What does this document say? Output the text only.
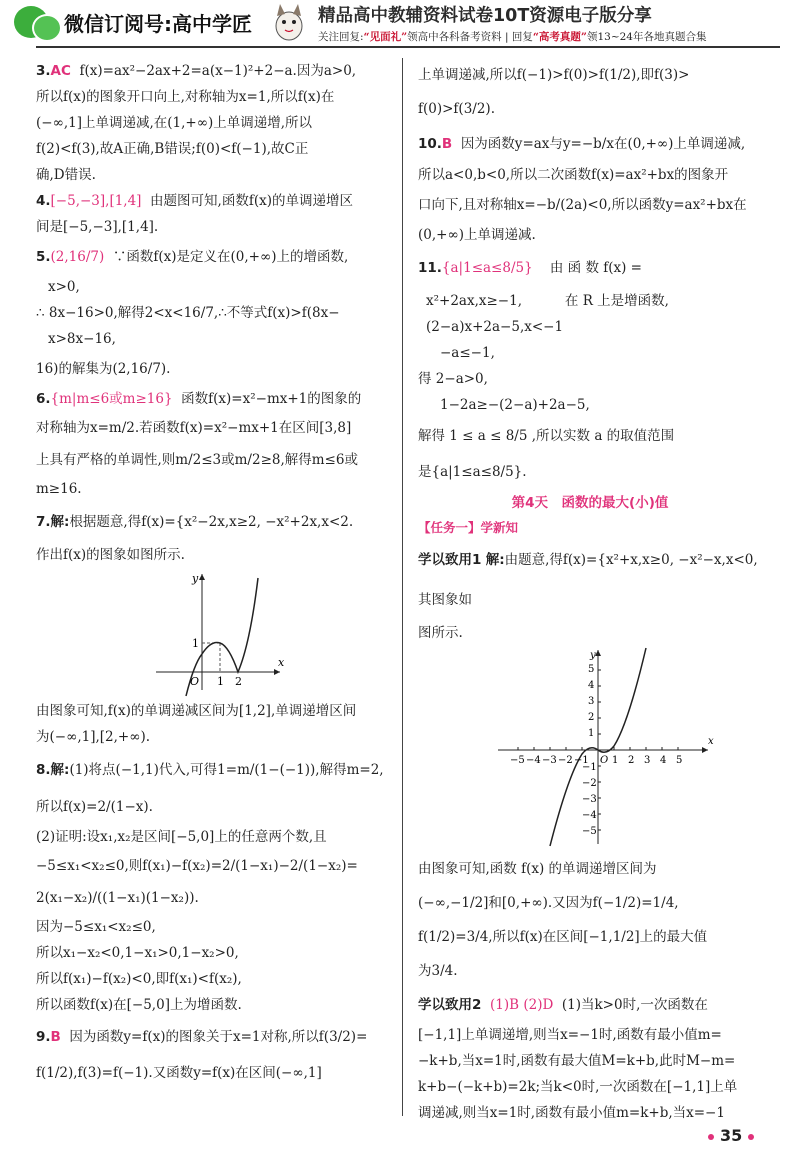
微信订阅号:高中学匠	精品高中教辅资料试卷10T资源电子版分享
关注回复:“见面礼”领高中各科备考资料 | 回复“高考真题”领13~24年各地真题合集

3.AC f(x)=ax²−2ax+2=a(x−1)²+2−a.因为a>0,

所以f(x)的图象开口向上,对称轴为x=1,所以f(x)在

(−∞,1]上单调递减,在(1,+∞)上单调递增,所以

f(2)<f(3),故A正确,B错误;f(0)<f(−1),故C正

确,D错误.

4.[−5,−3],[1,4] 由题图可知,函数f(x)的单调递增区

间是[−5,−3],[1,4].

5.(2,16/7) ∵函数f(x)是定义在(0,+∞)上的增函数,

x>0,

∴ 8x−16>0,解得2<x<16/7,∴不等式f(x)>f(8x−

x>8x−16,

16)的解集为(2,16/7).

6.{m|m≤6或m≥16} 函数f(x)=x²−mx+1的图象的

对称轴为x=m/2.若函数f(x)=x²−mx+1在区间[3,8]

上具有严格的单调性,则m/2≤3或m/2≥8,解得m≤6或

m≥16.

7.解:根据题意,得f(x)={x²−2x,x≥2, −x²+2x,x<2.

作出f(x)的图象如图所示.

y
x
1
O 1 2

由图象可知,f(x)的单调递减区间为[1,2],单调递增区间

为(−∞,1],[2,+∞).

8.解:(1)将点(−1,1)代入,可得1=m/(1−(−1)),解得m=2,

所以f(x)=2/(1−x).

(2)证明:设x₁,x₂是区间[−5,0]上的任意两个数,且

−5≤x₁<x₂≤0,则f(x₁)−f(x₂)=2/(1−x₁)−2/(1−x₂)=

2(x₁−x₂)/((1−x₁)(1−x₂)).

因为−5≤x₁<x₂≤0,

所以x₁−x₂<0,1−x₁>0,1−x₂>0,

所以f(x₁)−f(x₂)<0,即f(x₁)<f(x₂),

所以函数f(x)在[−5,0]上为增函数.

9.B 因为函数y=f(x)的图象关于x=1对称,所以f(3/2)=

f(1/2),f(3)=f(−1).又函数y=f(x)在区间(−∞,1]

上单调递减,所以f(−1)>f(0)>f(1/2),即f(3)>

f(0)>f(3/2).

10.B 因为函数y=ax与y=−b/x在(0,+∞)上单调递减,

所以a<0,b<0,所以二次函数f(x)=ax²+bx的图象开

口向下,且对称轴x=−b/(2a)<0,所以函数y=ax²+bx在

(0,+∞)上单调递减.

11.{a|1≤a≤8/5} 由 函 数 f(x) =

x²+2ax,x≥−1,	在 R 上是增函数,

(2−a)x+2a−5,x<−1

−a≤−1,

得 2−a>0,

1−2a≥−(2−a)+2a−5,

解得 1 ≤ a ≤ 8/5 ,所以实数 a 的取值范围

是{a|1≤a≤8/5}.

第4天　函数的最大(小)值
【任务一】学新知

学以致用1 解:由题意,得f(x)={x²+x,x≥0, −x²−x,x<0,其图象如

图所示.

y
x
5
4
3
2
1
−1
−2
−3
−4
−5
−5 −4 −3 −2 −1 O 1 2 3 4 5

由图象可知,函数 f(x) 的单调递增区间为

(−∞,−1/2]和[0,+∞).又因为f(−1/2)=1/4,

f(1/2)=3/4,所以f(x)在区间[−1,1/2]上的最大值

为3/4.

学以致用2 (1)B (2)D (1)当k>0时,一次函数在

[−1,1]上单调递增,则当x=−1时,函数有最小值m=

−k+b,当x=1时,函数有最大值M=k+b,此时M−m=

k+b−(−k+b)=2k;当k<0时,一次函数在[−1,1]上单

调递减,则当x=1时,函数有最小值m=k+b,当x=−1

35
